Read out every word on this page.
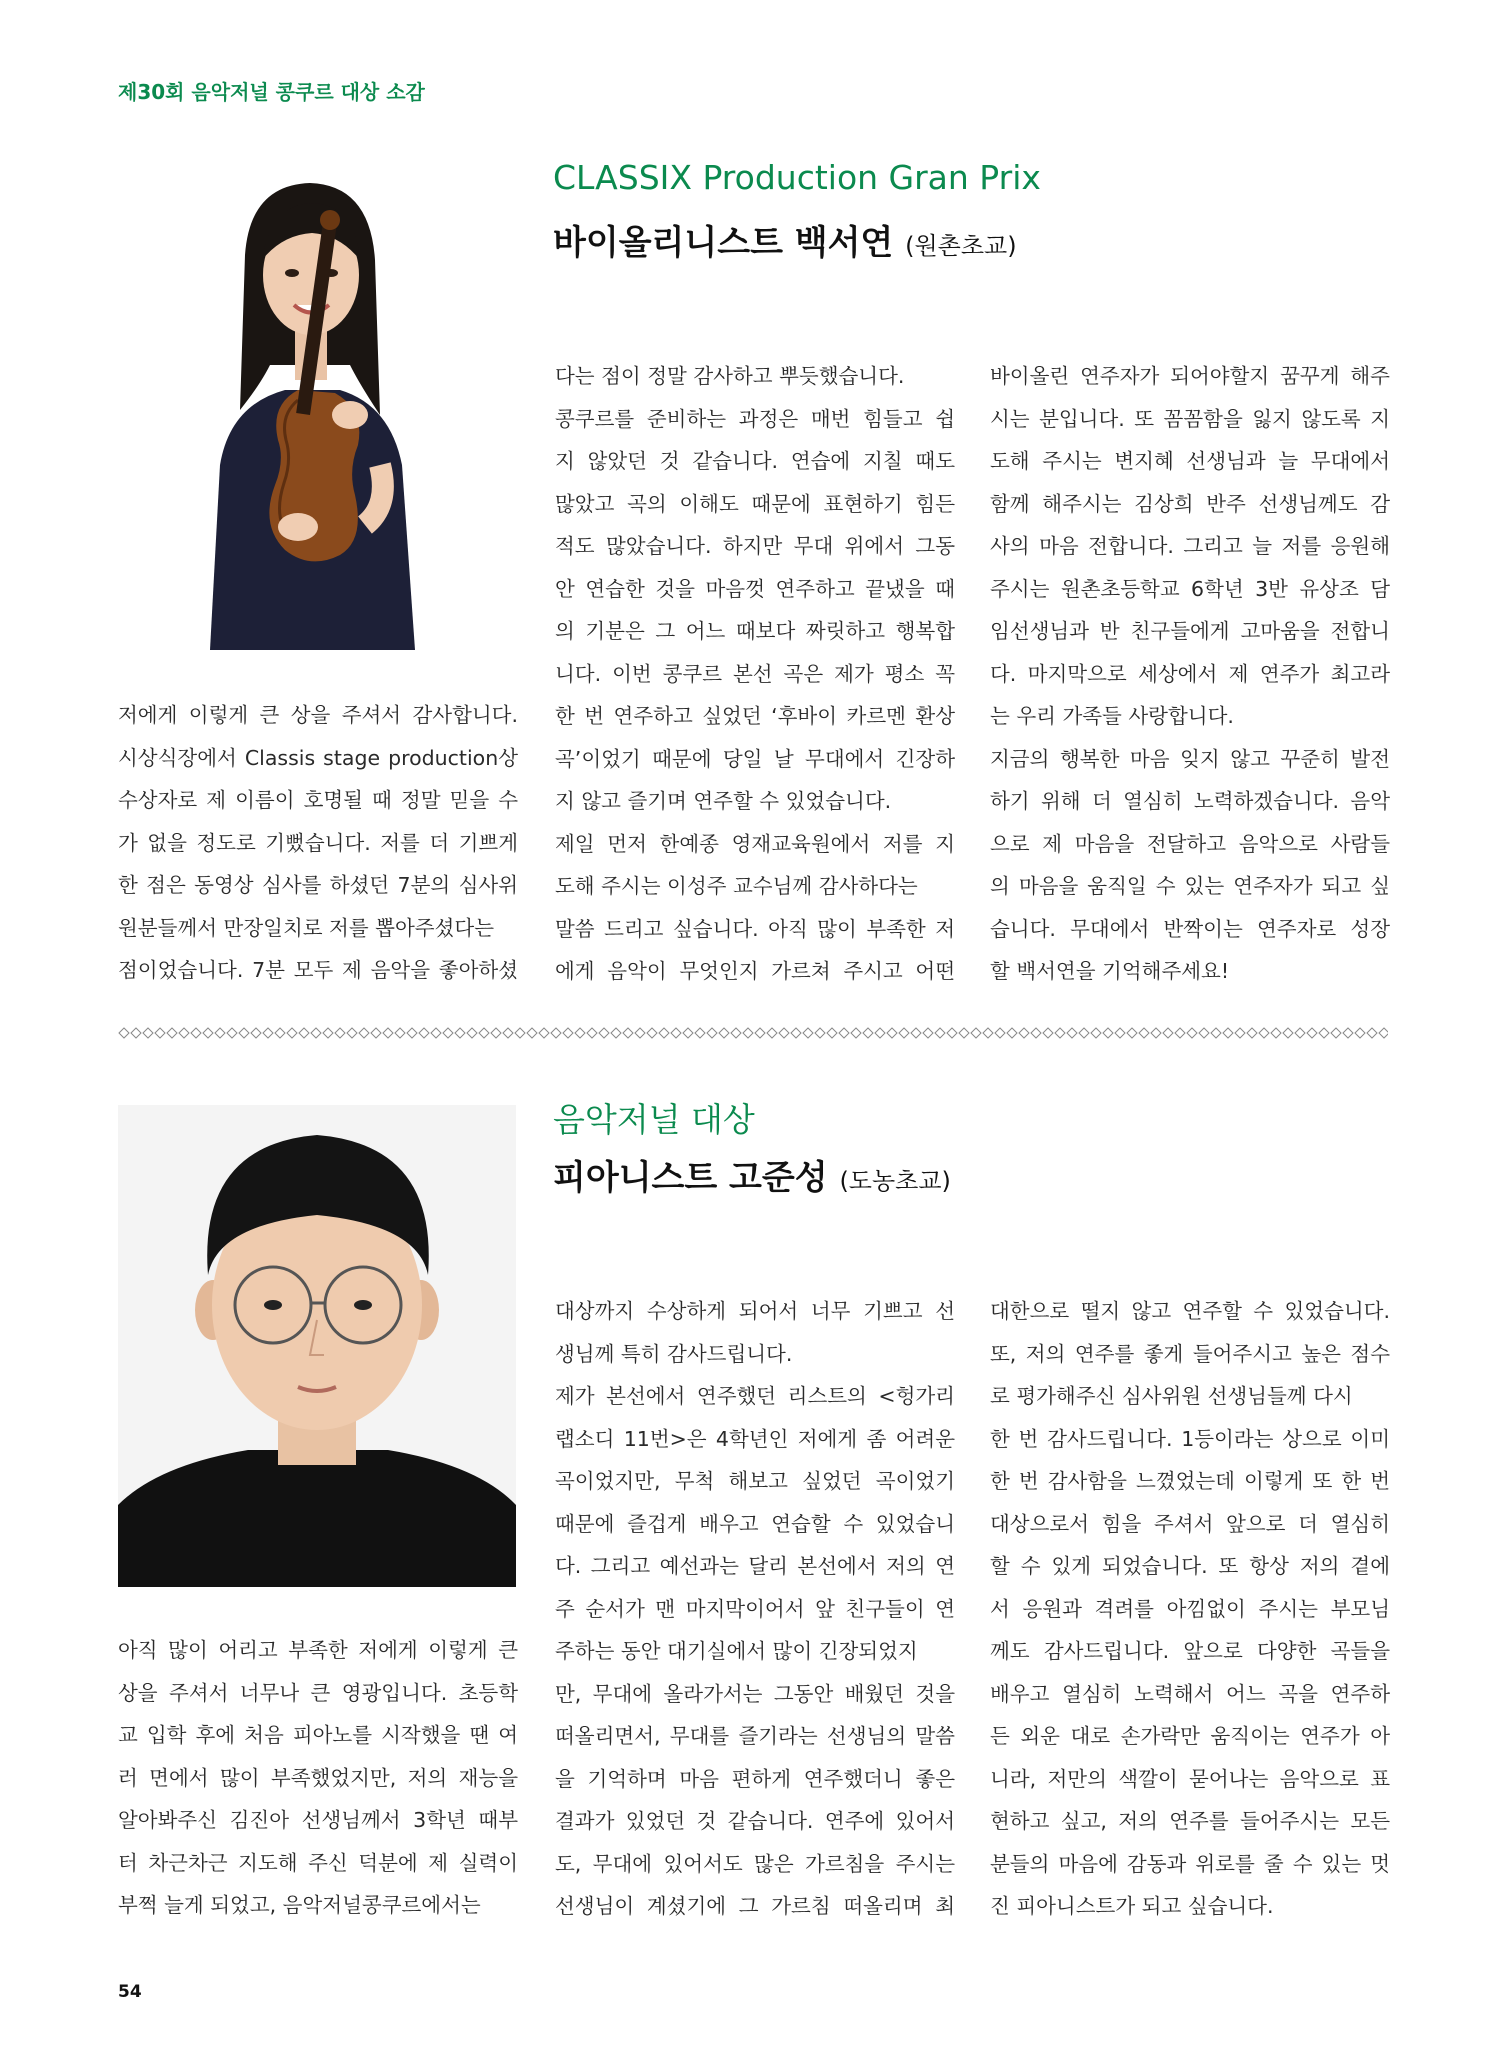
제30회 음악저널 콩쿠르 대상 소감
CLASSIX Production Gran Prix
바이올리니스트 백서연 (원촌초교)
저에게 이렇게 큰 상을 주셔서 감사합니다.
시상식장에서 Classis stage production상
수상자로 제 이름이 호명될 때 정말 믿을 수
가 없을 정도로 기뻤습니다. 저를 더 기쁘게
한 점은 동영상 심사를 하셨던 7분의 심사위
원분들께서 만장일치로 저를 뽑아주셨다는
점이었습니다. 7분 모두 제 음악을 좋아하셨
다는 점이 정말 감사하고 뿌듯했습니다.
콩쿠르를 준비하는 과정은 매번 힘들고 쉽
지 않았던 것 같습니다. 연습에 지칠 때도
많았고 곡의 이해도 때문에 표현하기 힘든
적도 많았습니다. 하지만 무대 위에서 그동
안 연습한 것을 마음껏 연주하고 끝냈을 때
의 기분은 그 어느 때보다 짜릿하고 행복합
니다. 이번 콩쿠르 본선 곡은 제가 평소 꼭
한 번 연주하고 싶었던 ‘후바이 카르멘 환상
곡’이었기 때문에 당일 날 무대에서 긴장하
지 않고 즐기며 연주할 수 있었습니다.
제일 먼저 한예종 영재교육원에서 저를 지
도해 주시는 이성주 교수님께 감사하다는
말씀 드리고 싶습니다. 아직 많이 부족한 저
에게 음악이 무엇인지 가르쳐 주시고 어떤
바이올린 연주자가 되어야할지 꿈꾸게 해주
시는 분입니다. 또 꼼꼼함을 잃지 않도록 지
도해 주시는 변지혜 선생님과 늘 무대에서
함께 해주시는 김상희 반주 선생님께도 감
사의 마음 전합니다. 그리고 늘 저를 응원해
주시는 원촌초등학교 6학년 3반 유상조 담
임선생님과 반 친구들에게 고마움을 전합니
다. 마지막으로 세상에서 제 연주가 최고라
는 우리 가족들 사랑합니다.
지금의 행복한 마음 잊지 않고 꾸준히 발전
하기 위해 더 열심히 노력하겠습니다. 음악
으로 제 마음을 전달하고 음악으로 사람들
의 마음을 움직일 수 있는 연주자가 되고 싶
습니다. 무대에서 반짝이는 연주자로 성장
할 백서연을 기억해주세요!
음악저널 대상
피아니스트 고준성 (도농초교)
아직 많이 어리고 부족한 저에게 이렇게 큰
상을 주셔서 너무나 큰 영광입니다. 초등학
교 입학 후에 처음 피아노를 시작했을 땐 여
러 면에서 많이 부족했었지만, 저의 재능을
알아봐주신 김진아 선생님께서 3학년 때부
터 차근차근 지도해 주신 덕분에 제 실력이
부쩍 늘게 되었고, 음악저널콩쿠르에서는
대상까지 수상하게 되어서 너무 기쁘고 선
생님께 특히 감사드립니다.
제가 본선에서 연주했던 리스트의 <헝가리
랩소디 11번>은 4학년인 저에게 좀 어려운
곡이었지만, 무척 해보고 싶었던 곡이었기
때문에 즐겁게 배우고 연습할 수 있었습니
다. 그리고 예선과는 달리 본선에서 저의 연
주 순서가 맨 마지막이어서 앞 친구들이 연
주하는 동안 대기실에서 많이 긴장되었지
만, 무대에 올라가서는 그동안 배웠던 것을
떠올리면서, 무대를 즐기라는 선생님의 말씀
을 기억하며 마음 편하게 연주했더니 좋은
결과가 있었던 것 같습니다. 연주에 있어서
도, 무대에 있어서도 많은 가르침을 주시는
선생님이 계셨기에 그 가르침 떠올리며 최
대한으로 떨지 않고 연주할 수 있었습니다.
또, 저의 연주를 좋게 들어주시고 높은 점수
로 평가해주신 심사위원 선생님들께 다시
한 번 감사드립니다. 1등이라는 상으로 이미
한 번 감사함을 느꼈었는데 이렇게 또 한 번
대상으로서 힘을 주셔서 앞으로 더 열심히
할 수 있게 되었습니다. 또 항상 저의 곁에
서 응원과 격려를 아낌없이 주시는 부모님
께도 감사드립니다. 앞으로 다양한 곡들을
배우고 열심히 노력해서 어느 곡을 연주하
든 외운 대로 손가락만 움직이는 연주가 아
니라, 저만의 색깔이 묻어나는 음악으로 표
현하고 싶고, 저의 연주를 들어주시는 모든
분들의 마음에 감동과 위로를 줄 수 있는 멋
진 피아니스트가 되고 싶습니다.
54
